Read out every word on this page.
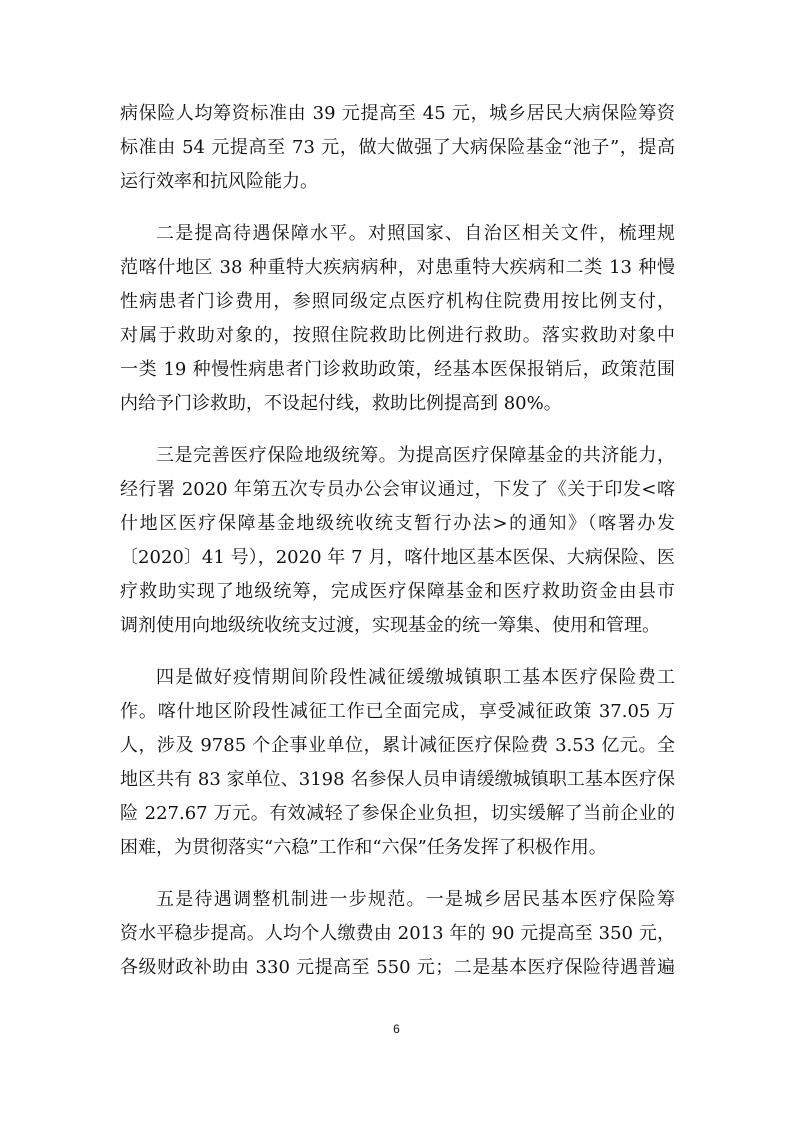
病保险人均筹资标准由 39 元提高至 45 元，城乡居民大病保险筹资
标准由 54 元提高至 73 元，做大做强了大病保险基金“池子”，提高
运行效率和抗风险能力。
二是提高待遇保障水平。对照国家、自治区相关文件，梳理规
范喀什地区 38 种重特大疾病病种，对患重特大疾病和二类 13 种慢
性病患者门诊费用，参照同级定点医疗机构住院费用按比例支付，
对属于救助对象的，按照住院救助比例进行救助。落实救助对象中
一类 19 种慢性病患者门诊救助政策，经基本医保报销后，政策范围
内给予门诊救助，不设起付线，救助比例提高到 80%。
三是完善医疗保险地级统筹。为提高医疗保障基金的共济能力，
经行署 2020 年第五次专员办公会审议通过，下发了《关于印发<喀
什地区医疗保障基金地级统收统支暂行办法>的通知》（喀署办发
〔2020〕41 号），2020 年 7 月，喀什地区基本医保、大病保险、医
疗救助实现了地级统筹，完成医疗保障基金和医疗救助资金由县市
调剂使用向地级统收统支过渡，实现基金的统一筹集、使用和管理。
四是做好疫情期间阶段性减征缓缴城镇职工基本医疗保险费工
作。喀什地区阶段性减征工作已全面完成，享受减征政策 37.05 万
人，涉及 9785 个企事业单位，累计减征医疗保险费 3.53 亿元。全
地区共有 83 家单位、3198 名参保人员申请缓缴城镇职工基本医疗保
险 227.67 万元。有效减轻了参保企业负担，切实缓解了当前企业的
困难，为贯彻落实“六稳”工作和“六保”任务发挥了积极作用。
五是待遇调整机制进一步规范。一是城乡居民基本医疗保险筹
资水平稳步提高。人均个人缴费由 2013 年的 90 元提高至 350 元，
各级财政补助由 330 元提高至 550 元；二是基本医疗保险待遇普遍
6
